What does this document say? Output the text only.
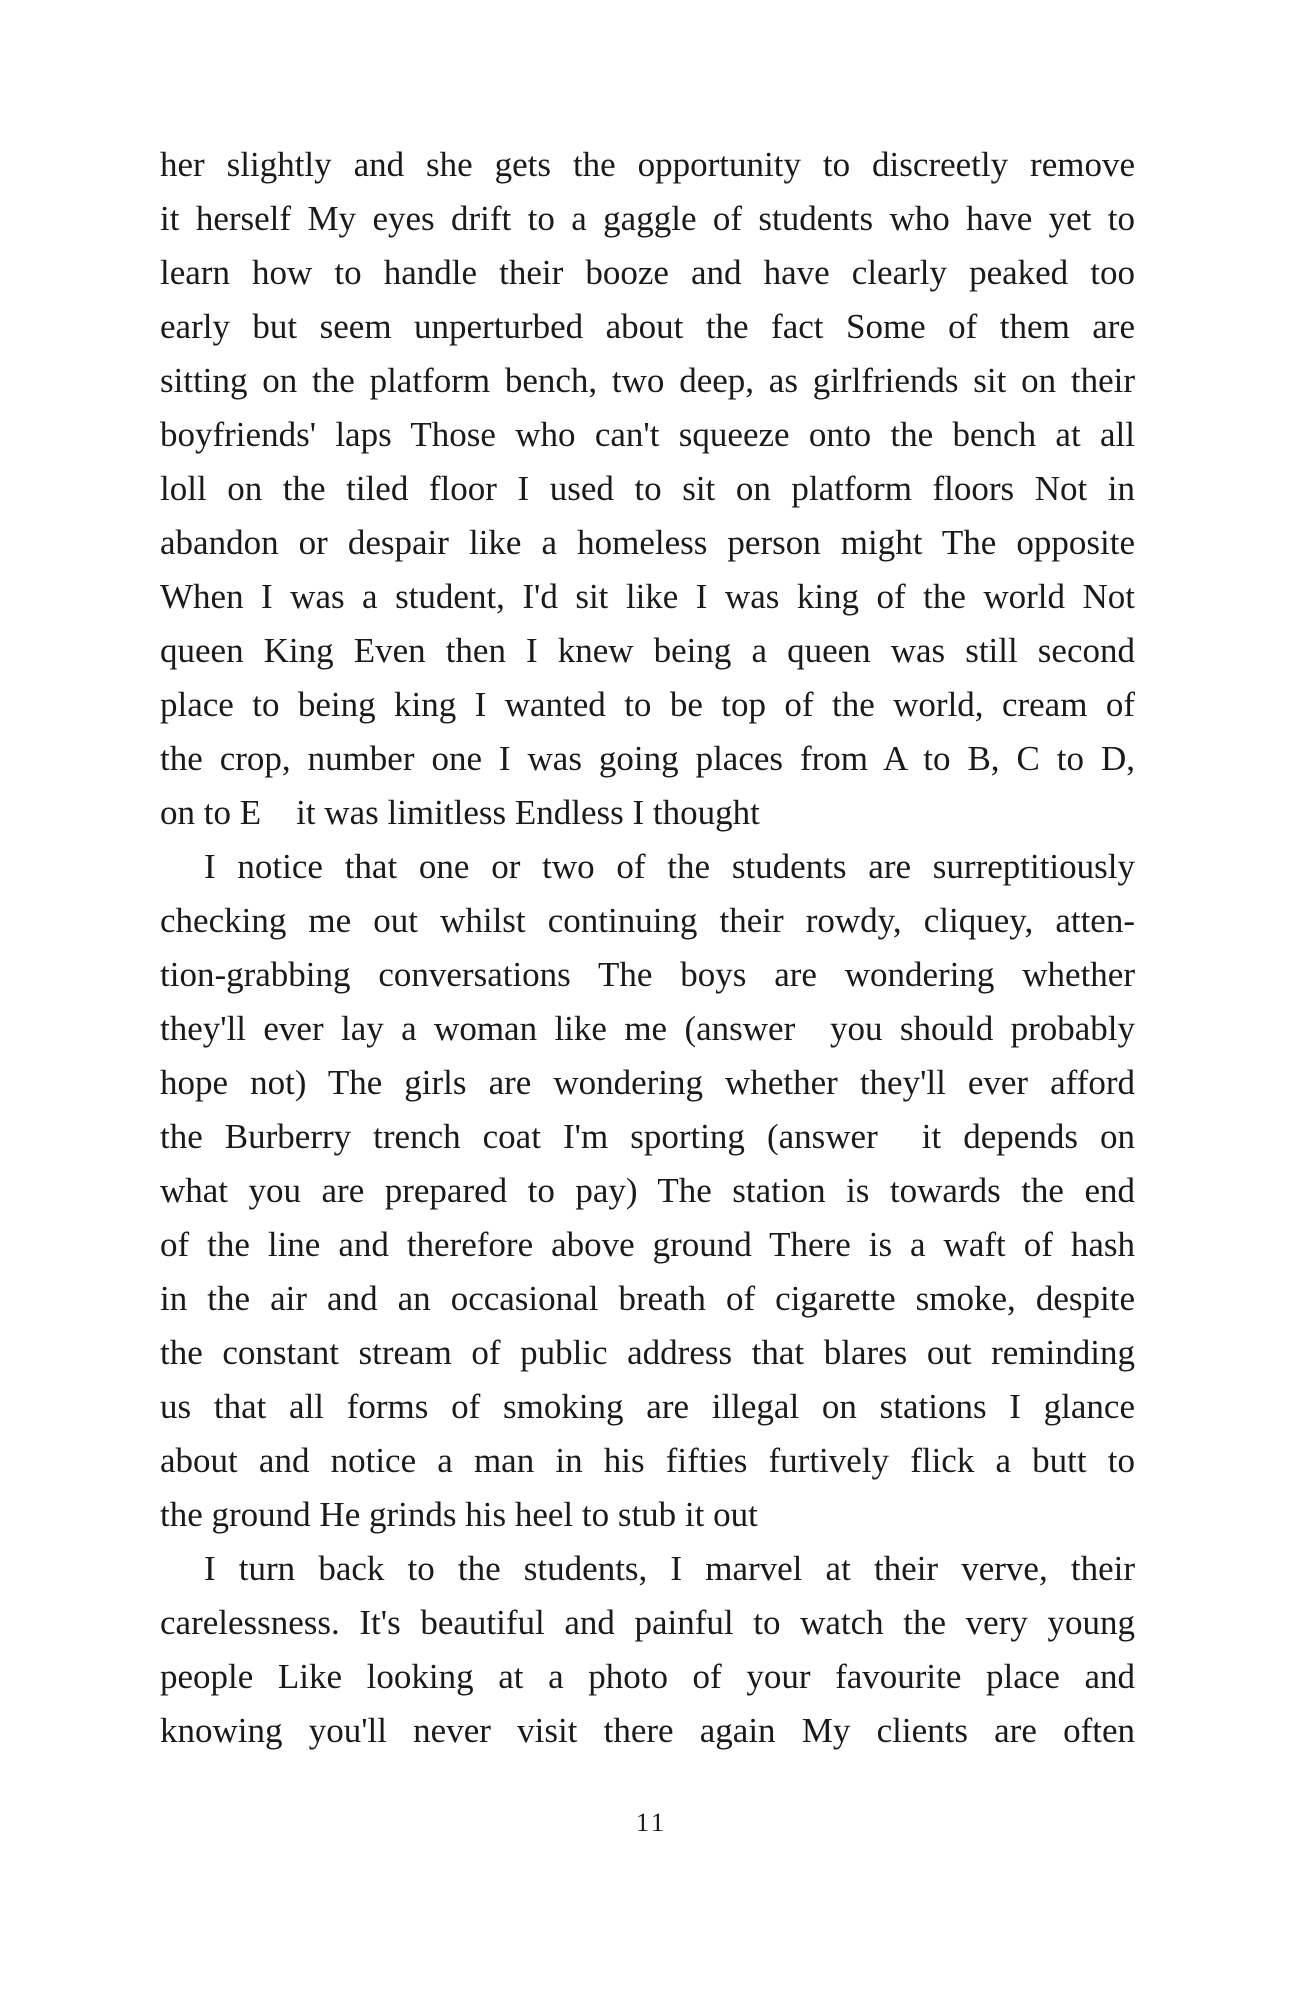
her slightly and she gets the opportunity to discreetly remove
it herself My eyes drift to a gaggle of students who have yet to
learn how to handle their booze and have clearly peaked too
early but seem unperturbed about the fact Some of them are
sitting on the platform bench, two deep, as girlfriends sit on their
boyfriends' laps Those who can't squeeze onto the bench at all
loll on the tiled floor I used to sit on platform floors Not in
abandon or despair like a homeless person might The opposite
When I was a student, I'd sit like I was king of the world Not
queen King Even then I knew being a queen was still second
place to being king I wanted to be top of the world, cream of
the crop, number one I was going places from A to B, C to D,
on to E    it was limitless Endless I thought
I notice that one or two of the students are surreptitiously
checking me out whilst continuing their rowdy, cliquey, atten-
tion-grabbing conversations The boys are wondering whether
they'll ever lay a woman like me (answer  you should probably
hope not) The girls are wondering whether they'll ever afford
the Burberry trench coat I'm sporting (answer  it depends on
what you are prepared to pay) The station is towards the end
of the line and therefore above ground There is a waft of hash
in the air and an occasional breath of cigarette smoke, despite
the constant stream of public address that blares out reminding
us that all forms of smoking are illegal on stations I glance
about and notice a man in his fifties furtively flick a butt to
the ground He grinds his heel to stub it out
I turn back to the students, I marvel at their verve, their
carelessness. It's beautiful and painful to watch the very young
people Like looking at a photo of your favourite place and
knowing you'll never visit there again My clients are often
11
